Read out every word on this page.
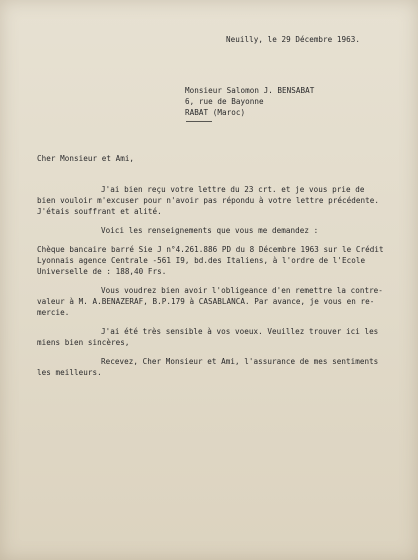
Neuilly, le 29 Décembre 1963.
Monsieur Salomon J. BENSABAT
6, rue de Bayonne
RABAT (Maroc)
Cher Monsieur et Ami,
J'ai bien reçu votre lettre du 23 crt. et je vous prie de
bien vouloir m'excuser pour n'avoir pas répondu à votre lettre précédente.
J'étais souffrant et alité.
Voici les renseignements que vous me demandez :
Chèque bancaire barré Sie J n°4.261.886 PD du 8 Décembre 1963 sur le Crédit
Lyonnais agence Centrale -561 I9, bd.des Italiens, à l'ordre de l'Ecole
Universelle de : 188,40 Frs.
Vous voudrez bien avoir l'obligeance d'en remettre la contre-
valeur à M. A.BENAZERAF, B.P.179 à CASABLANCA. Par avance, je vous en re-
mercie.
J'ai été très sensible à vos voeux. Veuillez trouver ici les
miens bien sincères,
Recevez, Cher Monsieur et Ami, l'assurance de mes sentiments
les meilleurs.
